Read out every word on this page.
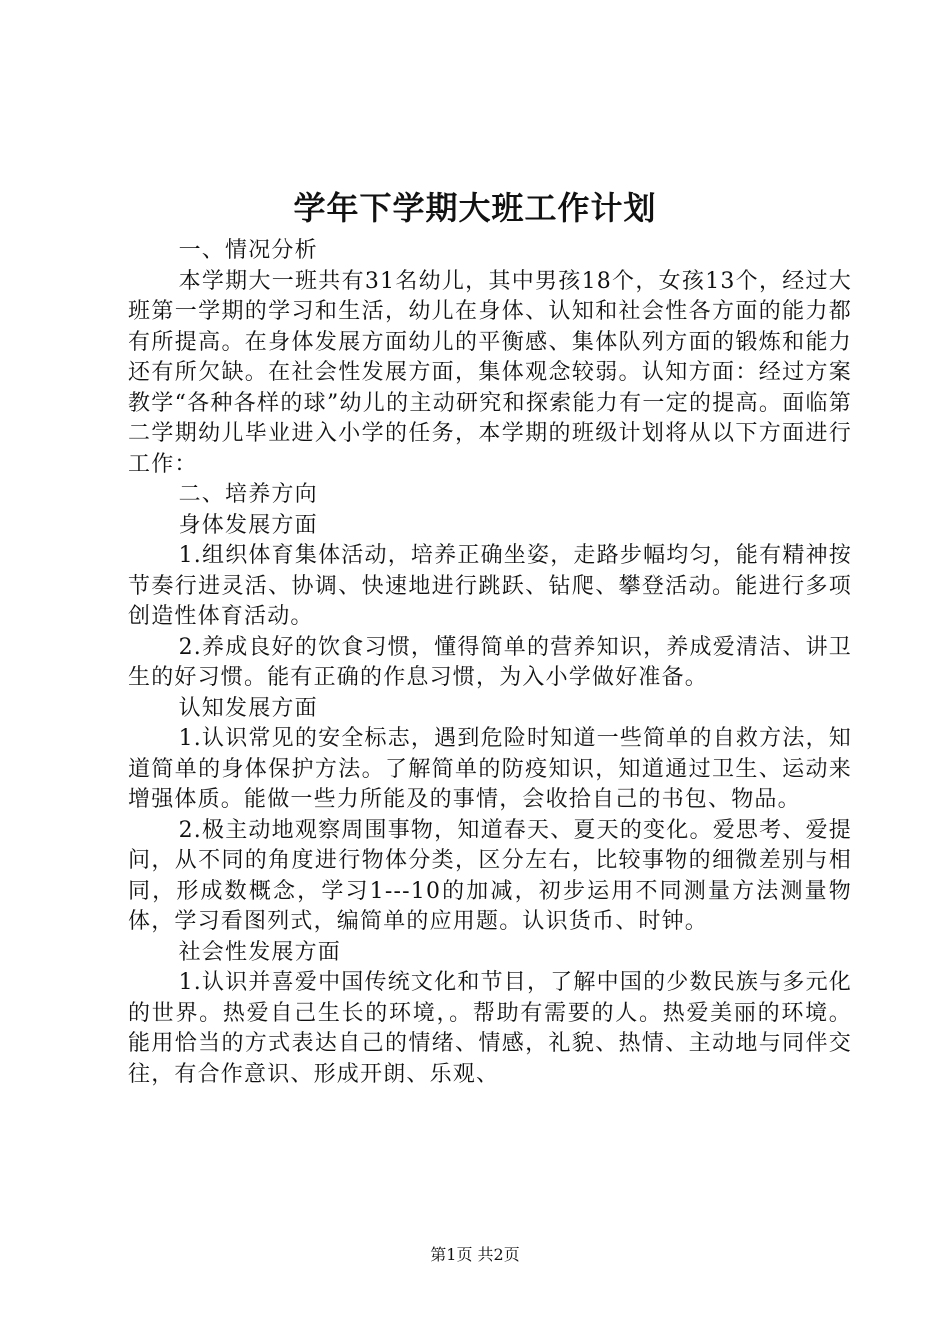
学年下学期大班工作计划

一、情况分析

本学期大一班共有31名幼儿，其中男孩18个，女孩13个，经过大班第一学期的学习和生活，幼儿在身体、认知和社会性各方面的能力都有所提高。在身体发展方面幼儿的平衡感、集体队列方面的锻炼和能力还有所欠缺。在社会性发展方面，集体观念较弱。认知方面：经过方案教学“各种各样的球”幼儿的主动研究和探索能力有一定的提高。面临第二学期幼儿毕业进入小学的任务，本学期的班级计划将从以下方面进行工作：

二、培养方向

身体发展方面

1.组织体育集体活动，培养正确坐姿，走路步幅均匀，能有精神按节奏行进灵活、协调、快速地进行跳跃、钻爬、攀登活动。能进行多项创造性体育活动。

2.养成良好的饮食习惯，懂得简单的营养知识，养成爱清洁、讲卫生的好习惯。能有正确的作息习惯，为入小学做好准备。

认知发展方面

1.认识常见的安全标志，遇到危险时知道一些简单的自救方法，知道简单的身体保护方法。了解简单的防疫知识，知道通过卫生、运动来增强体质。能做一些力所能及的事情，会收拾自己的书包、物品。

2.极主动地观察周围事物，知道春天、夏天的变化。爱思考、爱提问，从不同的角度进行物体分类，区分左右，比较事物的细微差别与相同，形成数概念，学习1---10的加减，初步运用不同测量方法测量物体，学习看图列式，编简单的应用题。认识货币、时钟。

社会性发展方面

1.认识并喜爱中国传统文化和节目，了解中国的少数民族与多元化的世界。热爱自己生长的环境，。帮助有需要的人。热爱美丽的环境。能用恰当的方式表达自己的情绪、情感，礼貌、热情、主动地与同伴交往，有合作意识、形成开朗、乐观、

第1页 共2页
